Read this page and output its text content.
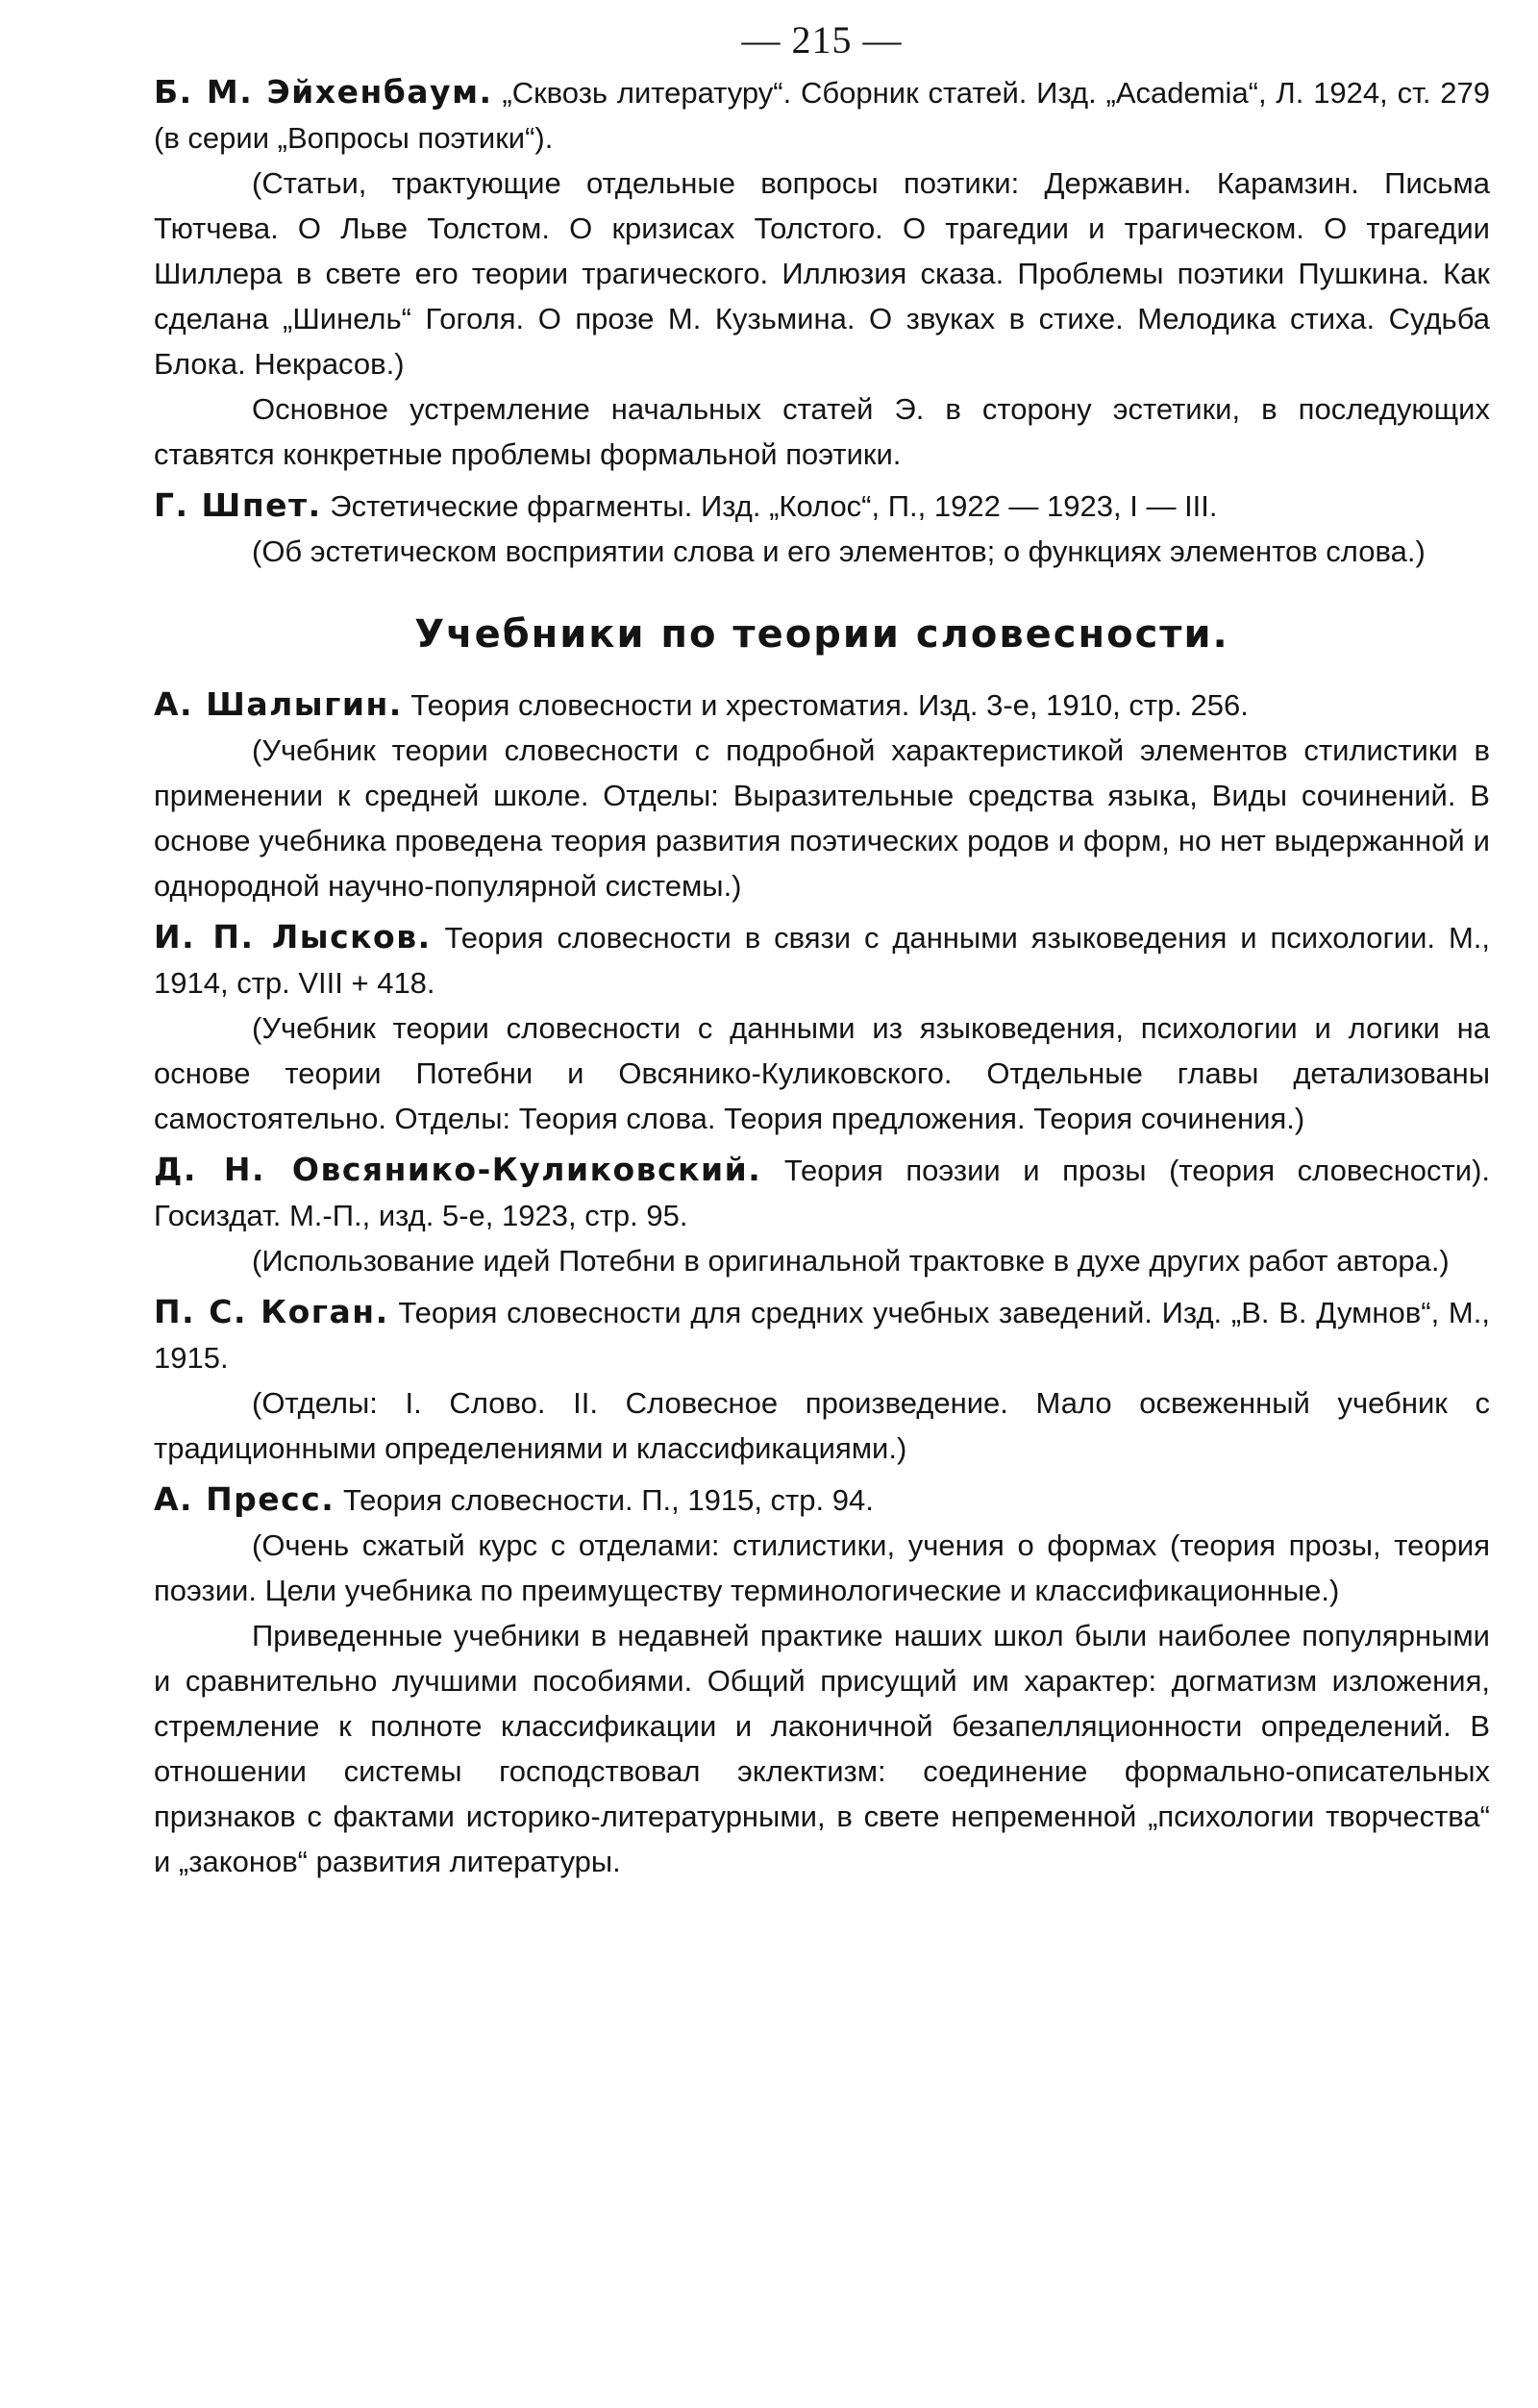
— 215 —

Б. М. Эйхенбаум. „Сквозь литературу“. Сборник статей. Изд. „Academia“, Л. 1924, ст. 279 (в серии „Вопросы поэтики“).

(Статьи, трактующие отдельные вопросы поэтики: Державин. Карамзин. Письма Тютчева. О Льве Толстом. О кризисах Толстого. О трагедии и трагическом. О трагедии Шиллера в свете его теории трагического. Иллюзия сказа. Проблемы поэтики Пушкина. Как сделана „Шинель“ Гоголя. О прозе М. Кузьмина. О звуках в стихе. Мелодика стиха. Судьба Блока. Некрасов.)

Основное устремление начальных статей Э. в сторону эстетики, в последующих ставятся конкретные проблемы формальной поэтики.

Г. Шпет. Эстетические фрагменты. Изд. „Колос“, П., 1922 — 1923, I — III.

(Об эстетическом восприятии слова и его элементов; о функциях элементов слова.)

Учебники по теории словесности.

А. Шалыгин. Теория словесности и хрестоматия. Изд. 3-е, 1910, стр. 256.

(Учебник теории словесности с подробной характеристикой элементов стилистики в применении к средней школе. Отделы: Выразительные средства языка, Виды сочинений. В основе учебника проведена теория развития поэтических родов и форм, но нет выдержанной и однородной научно-популярной системы.)

И. П. Лысков. Теория словесности в связи с данными языковедения и психологии. М., 1914, стр. VIII + 418.

(Учебник теории словесности с данными из языковедения, психологии и логики на основе теории Потебни и Овсянико-Куликовского. Отдельные главы детализованы самостоятельно. Отделы: Теория слова. Теория предложения. Теория сочинения.)

Д. Н. Овсянико-Куликовский. Теория поэзии и прозы (теория словесности). Госиздат. М.-П., изд. 5-е, 1923, стр. 95.

(Использование идей Потебни в оригинальной трактовке в духе других работ автора.)

П. С. Коган. Теория словесности для средних учебных заведений. Изд. „В. В. Думнов“, М., 1915.

(Отделы: I. Слово. II. Словесное произведение. Мало освеженный учебник с традиционными определениями и классификациями.)

А. Пресс. Теория словесности. П., 1915, стр. 94.

(Очень сжатый курс с отделами: стилистики, учения о формах (теория прозы, теория поэзии. Цели учебника по преимуществу терминологические и классификационные.)

Приведенные учебники в недавней практике наших школ были наиболее популярными и сравнительно лучшими пособиями. Общий присущий им характер: догматизм изложения, стремление к полноте классификации и лаконичной безапелляционности определений. В отношении системы господствовал эклектизм: соединение формально-описательных признаков с фактами историко-литературными, в свете непременной „психологии творчества“ и „законов“ развития литературы.
